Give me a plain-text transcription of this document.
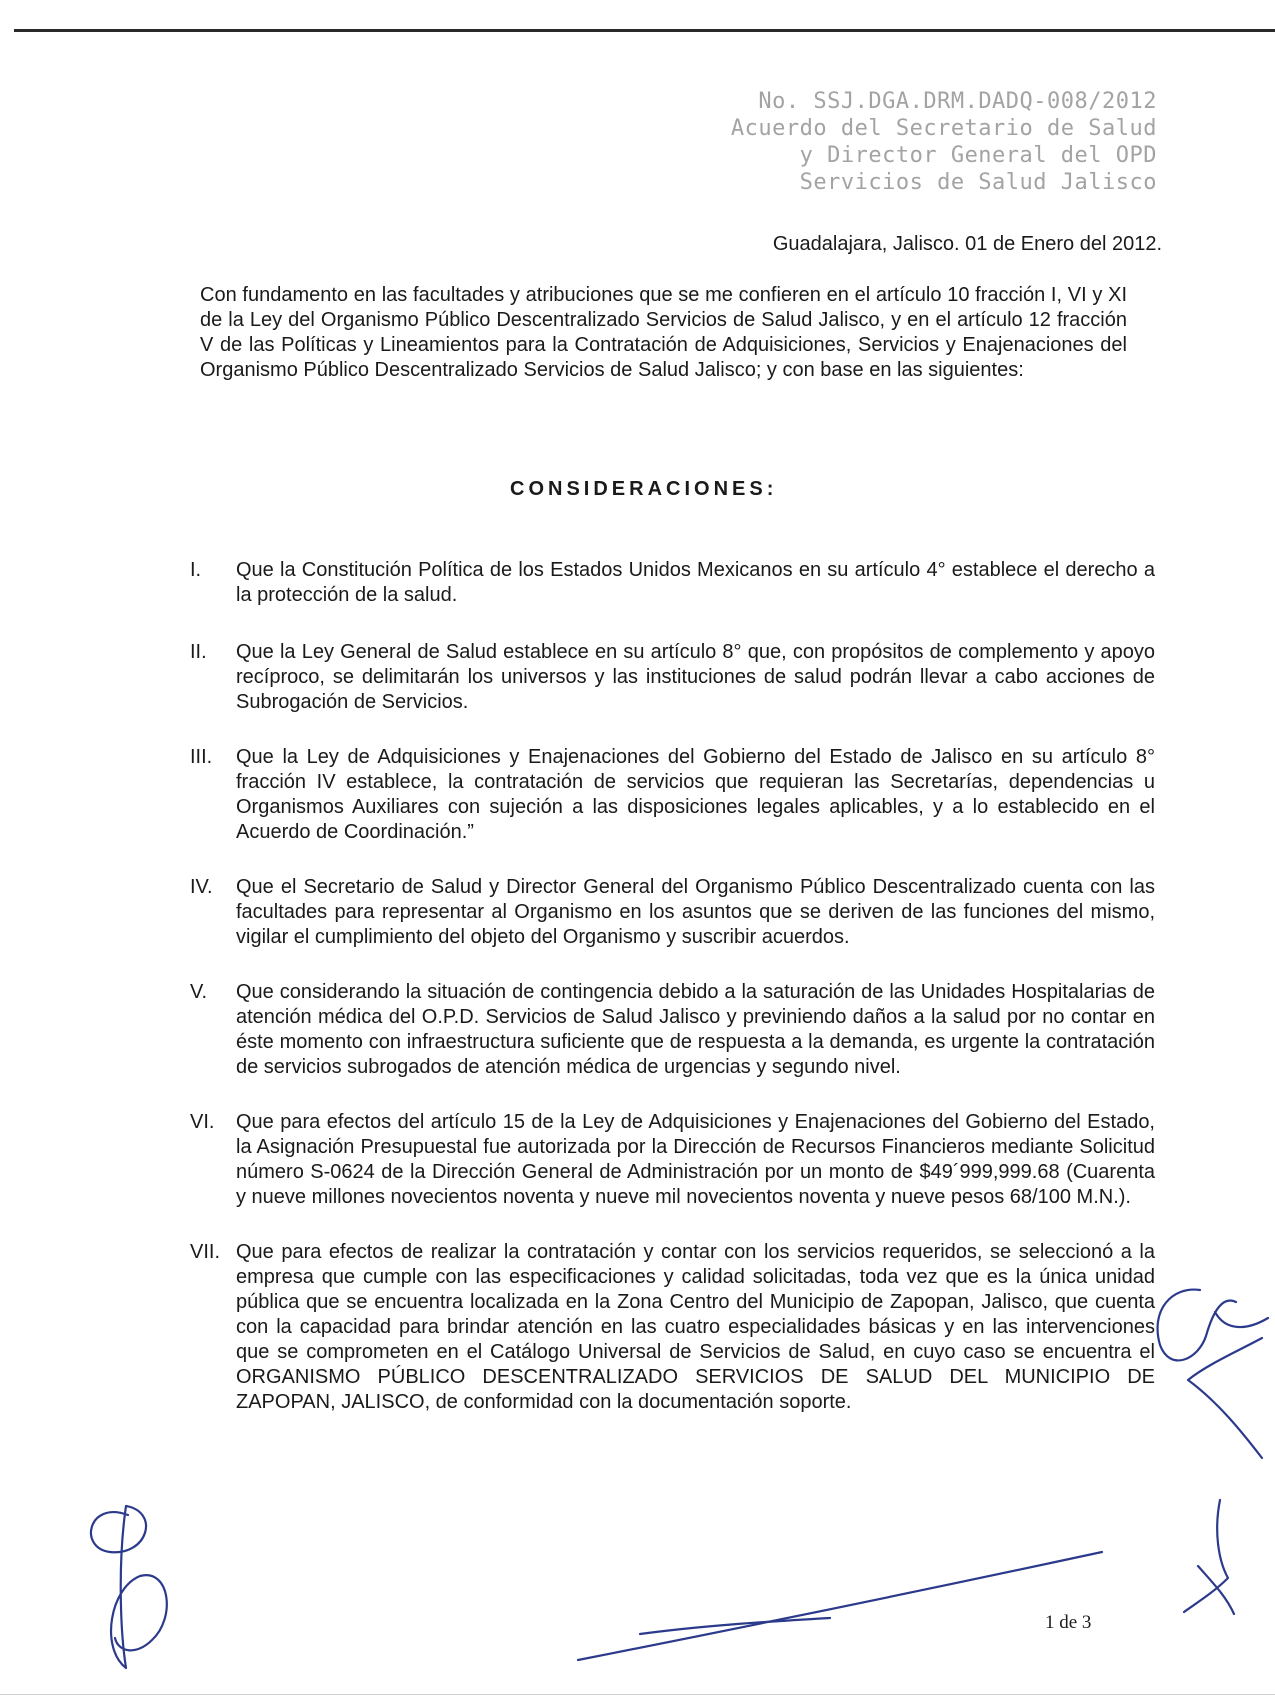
No. SSJ.DGA.DRM.DADQ-008/2012
Acuerdo del Secretario de Salud
y Director General del OPD
Servicios de Salud Jalisco
Guadalajara, Jalisco. 01 de Enero del 2012.
Con fundamento en las facultades y atribuciones que se me confieren en el artículo 10 fracción I, VI y XI de la Ley del Organismo Público Descentralizado Servicios de Salud Jalisco, y en el artículo 12 fracción V de las Políticas y Lineamientos para la Contratación de Adquisiciones, Servicios y Enajenaciones del Organismo Público Descentralizado Servicios de Salud Jalisco; y con base en las siguientes:
CONSIDERACIONES:
I. Que la Constitución Política de los Estados Unidos Mexicanos en su artículo 4° establece el derecho a la protección de la salud.
II. Que la Ley General de Salud establece en su artículo 8° que, con propósitos de complemento y apoyo recíproco, se delimitarán los universos y las instituciones de salud podrán llevar a cabo acciones de Subrogación de Servicios.
III. Que la Ley de Adquisiciones y Enajenaciones del Gobierno del Estado de Jalisco en su artículo 8° fracción IV establece, la contratación de servicios que requieran las Secretarías, dependencias u Organismos Auxiliares con sujeción a las disposiciones legales aplicables, y a lo establecido en el Acuerdo de Coordinación.”
IV. Que el Secretario de Salud y Director General del Organismo Público Descentralizado cuenta con las facultades para representar al Organismo en los asuntos que se deriven de las funciones del mismo, vigilar el cumplimiento del objeto del Organismo y suscribir acuerdos.
V. Que considerando la situación de contingencia debido a la saturación de las Unidades Hospitalarias de atención médica del O.P.D. Servicios de Salud Jalisco y previniendo daños a la salud por no contar en éste momento con infraestructura suficiente que de respuesta a la demanda, es urgente la contratación de servicios subrogados de atención médica de urgencias y segundo nivel.
VI. Que para efectos del artículo 15 de la Ley de Adquisiciones y Enajenaciones del Gobierno del Estado, la Asignación Presupuestal fue autorizada por la Dirección de Recursos Financieros mediante Solicitud número S-0624 de la Dirección General de Administración por un monto de $49´999,999.68 (Cuarenta y nueve millones novecientos noventa y nueve mil novecientos noventa y nueve pesos 68/100 M.N.).
VII. Que para efectos de realizar la contratación y contar con los servicios requeridos, se seleccionó a la empresa que cumple con las especificaciones y calidad solicitadas, toda vez que es la única unidad pública que se encuentra localizada en la Zona Centro del Municipio de Zapopan, Jalisco, que cuenta con la capacidad para brindar atención en las cuatro especialidades básicas y en las intervenciones que se comprometen en el Catálogo Universal de Servicios de Salud, en cuyo caso se encuentra el ORGANISMO PÚBLICO DESCENTRALIZADO SERVICIOS DE SALUD DEL MUNICIPIO DE ZAPOPAN, JALISCO, de conformidad con la documentación soporte.
1 de 3
